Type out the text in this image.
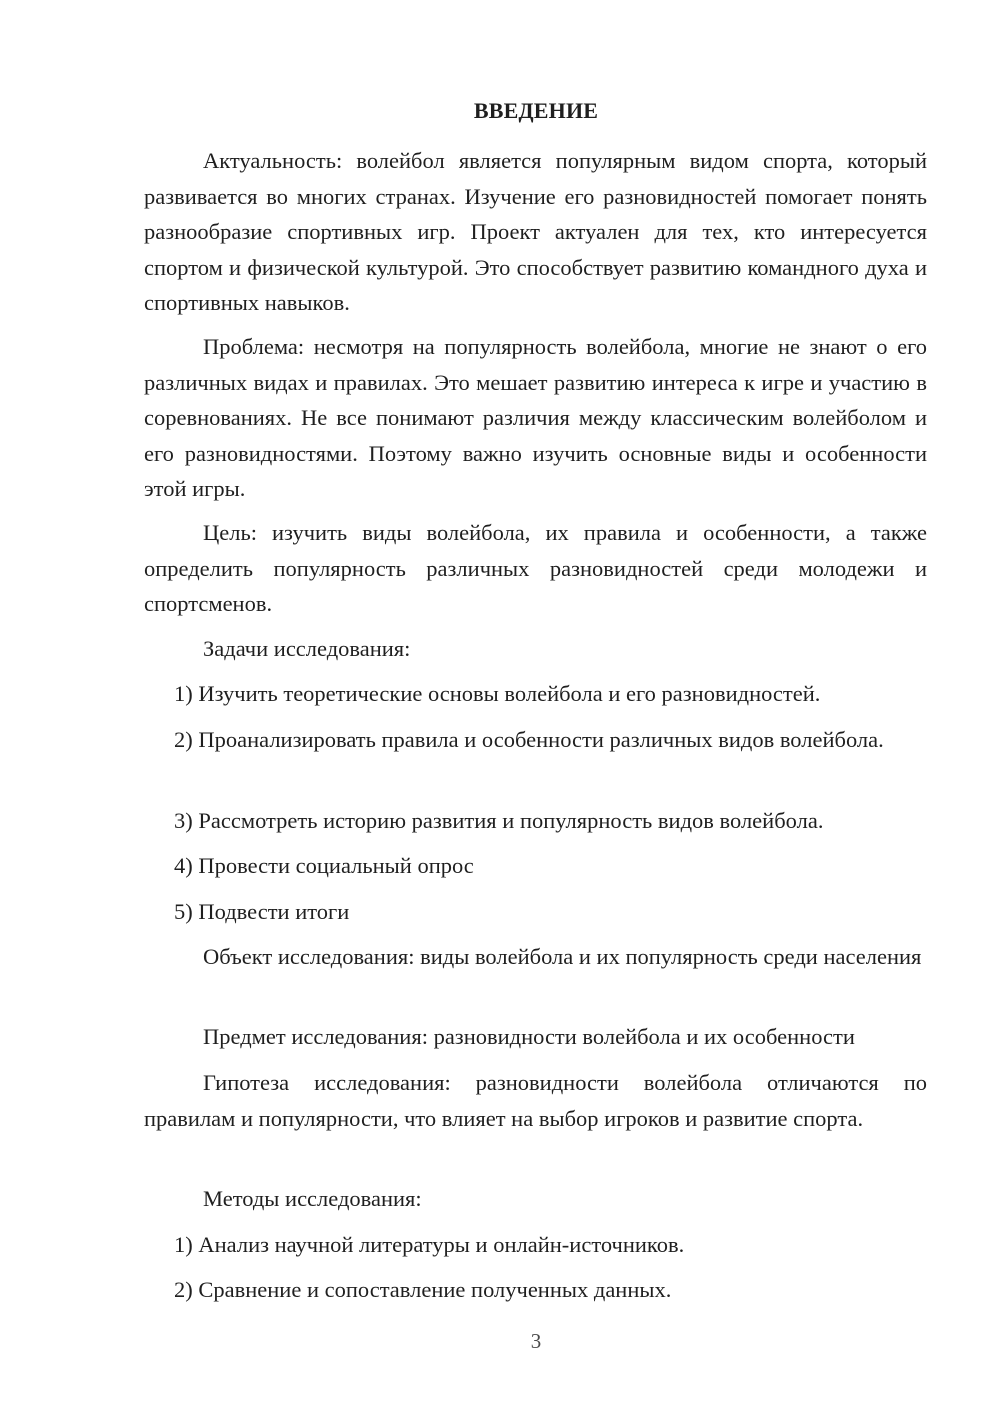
ВВЕДЕНИЕ

Актуальность: волейбол является популярным видом спорта, который развивается во многих странах. Изучение его разновидностей помогает понять разнообразие спортивных игр. Проект актуален для тех, кто интересуется спортом и физической культурой. Это способствует развитию командного духа и спортивных навыков.

Проблема: несмотря на популярность волейбола, многие не знают о его различных видах и правилах. Это мешает развитию интереса к игре и участию в соревнованиях. Не все понимают различия между классическим волейболом и его разновидностями. Поэтому важно изучить основные виды и особенности этой игры.

Цель: изучить виды волейбола, их правила и особенности, а также определить популярность различных разновидностей среди молодежи и спортсменов.

Задачи исследования:

1) Изучить теоретические основы волейбола и его разновидностей.

2) Проанализировать правила и особенности различных видов волейбола.

3) Рассмотреть историю развития и популярность видов волейбола.

4) Провести социальный опрос

5) Подвести итоги

Объект исследования: виды волейбола и их популярность среди населения

Предмет исследования: разновидности волейбола и их особенности

Гипотеза исследования: разновидности волейбола отличаются по правилам и популярности, что влияет на выбор игроков и развитие спорта.

Методы исследования:

1) Анализ научной литературы и онлайн-источников.

2) Сравнение и сопоставление полученных данных.

3
